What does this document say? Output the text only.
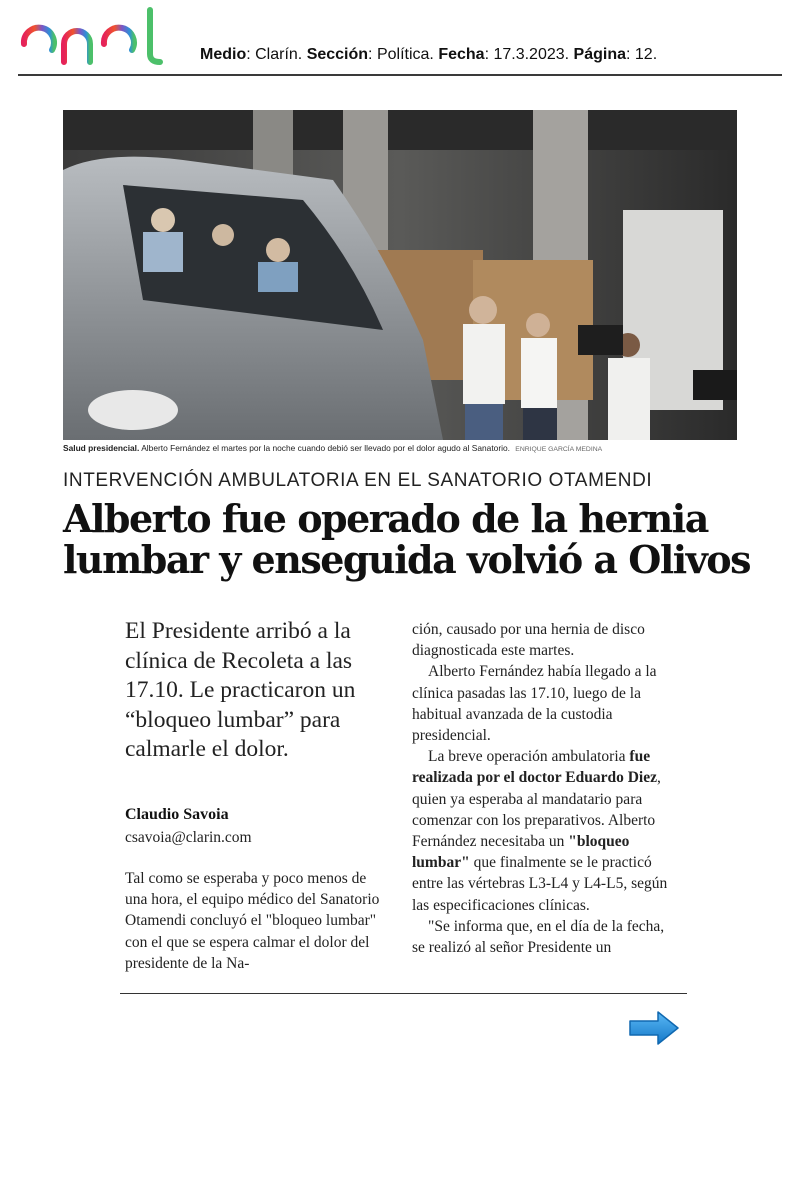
Medio: Clarín. Sección: Política. Fecha: 17.3.2023. Página: 12.
Salud presidencial. Alberto Fernández el martes por la noche cuando debió ser llevado por el dolor agudo al Sanatorio. ENRIQUE GARCÍA MEDINA
INTERVENCIÓN AMBULATORIA EN EL SANATORIO OTAMENDI
Alberto fue operado de la hernia lumbar y enseguida volvió a Olivos

El Presidente arribó a la clínica de Recoleta a las 17.10. Le practicaron un “bloqueo lumbar” para calmarle el dolor.

Claudio Savoia
csavoia@clarin.com

Tal como se esperaba y poco menos de una hora, el equipo médico del Sanatorio Otamendi concluyó el "bloqueo lumbar" con el que se espera calmar el dolor del presidente de la Na-

ción, causado por una hernia de disco diagnosticada este martes.

Alberto Fernández había llegado a la clínica pasadas las 17.10, luego de la habitual avanzada de la custodia presidencial.

La breve operación ambulatoria fue realizada por el doctor Eduardo Diez, quien ya esperaba al mandatario para comenzar con los preparativos. Alberto Fernández necesitaba un "bloqueo lumbar" que finalmente se le practicó entre las vértebras L3-L4 y L4-L5, según las especificaciones clínicas.

"Se informa que, en el día de la fecha, se realizó al señor Presidente un
